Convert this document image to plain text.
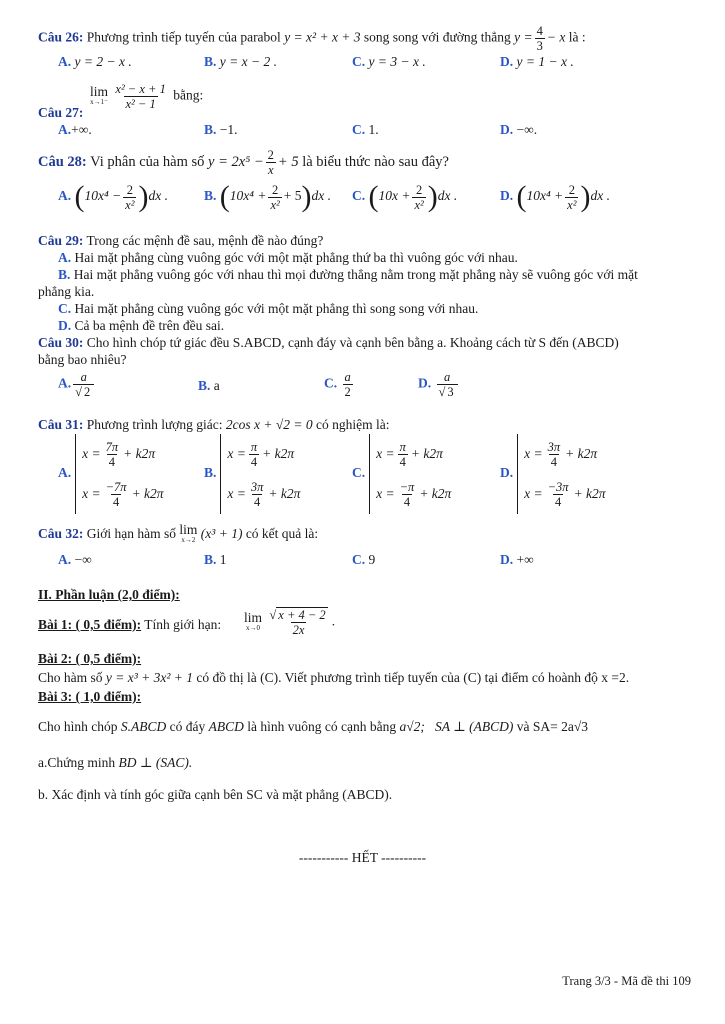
Câu 26: Phương trình tiếp tuyến của parabol y = x² + x + 3 song song với đường thẳng $y = \frac{4}{3} - x$ là :
A. y = 2 − x .	B. y = x − 2 .	C. y = 3 − x .	D. y = 1 − x .
Câu 27:
lim
x→1⁻
$\frac{\text{x² − x + 1}}{\text{x² − 1}}$ bằng:
A.+∞.	B. −1.	C. 1.	D. −∞.
Câu 28: Vi phân của hàm số $y = 2x^5 - \frac{2}{x} + 5$ là biểu thức nào sau đây?
A. $(10x^4 - \frac{2}{\text{x²}} )dx$ .	B. $(10x^4 + \frac{2}{\text{x²}} + 5)dx$ . C. $(10x + \frac{2}{\text{x²}} )dx$ .	D. $(10x^4 + \frac{2}{\text{x²}} )dx$ .
Câu 29: Trong các mệnh đề sau, mệnh đề nào đúng?
A. Hai mặt phẳng cùng vuông góc với một mặt phẳng thứ ba thì vuông góc với nhau.
B. Hai mặt phẳng vuông góc với nhau thì mọi đường thẳng nằm trong mặt phẳng này sẽ vuông góc với mặt
phẳng kia.
C. Hai mặt phẳng cùng vuông góc với một mặt phẳng thì song song với nhau.
D. Cả ba mệnh đề trên đều sai.
Câu 30: Cho hình chóp tứ giác đều S.ABCD, cạnh đáy và cạnh bên bằng a. Khoảng cách từ S đến (ABCD)
bằng bao nhiêu?
A. $\frac{a}{√ 2}$	B. a	C. $\frac{a}{2}$	D. $\frac{a}{√ 3}$
Câu 31: Phương trình lượng giác: 2cos x + √2 = 0 có nghiệm là:
A.
$x = \frac{7\pi}{4} + k2\pi$
$x = \frac{-7\pi}{4} + k2\pi$
B.
$x = \frac{\pi}{4} + k2\pi$
$x = \frac{3\pi}{4} + k2\pi$
C.
$x = \frac{\pi}{4} + k2\pi$
$x = \frac{-\pi}{4} + k2\pi$
D.
$x = \frac{3\pi}{4} + k2\pi$
$x = \frac{-3\pi}{4} + k2\pi$
Câu 32: Giới hạn hàm số lim
x→2 (x³ + 1) có kết quả là:
A. −∞	B. 1	C. 9	D. +∞
II. Phần luận (2,0 điểm):
Bài 1: ( 0,5 điểm): Tính giới hạn: lim
x→0
$\frac{√ x + 4 - 2}{2x}$ .
Bài 2: ( 0,5 điểm):
Cho hàm số y = x³ + 3x² + 1 có đồ thị là (C). Viết phương trình tiếp tuyến của (C) tại điểm có hoành độ x =2.
Bài 3: ( 1,0 điểm):
Cho hình chóp S.ABCD có đáy ABCD là hình vuông có cạnh bằng a√2; SA ⊥ (ABCD) và SA= 2a√3
a.Chứng minh BD ⊥ (SAC).
b. Xác định và tính góc giữa cạnh bên SC và mặt phẳng (ABCD).
----------- HẾT ----------
Trang 3/3 - Mã đề thi 109
